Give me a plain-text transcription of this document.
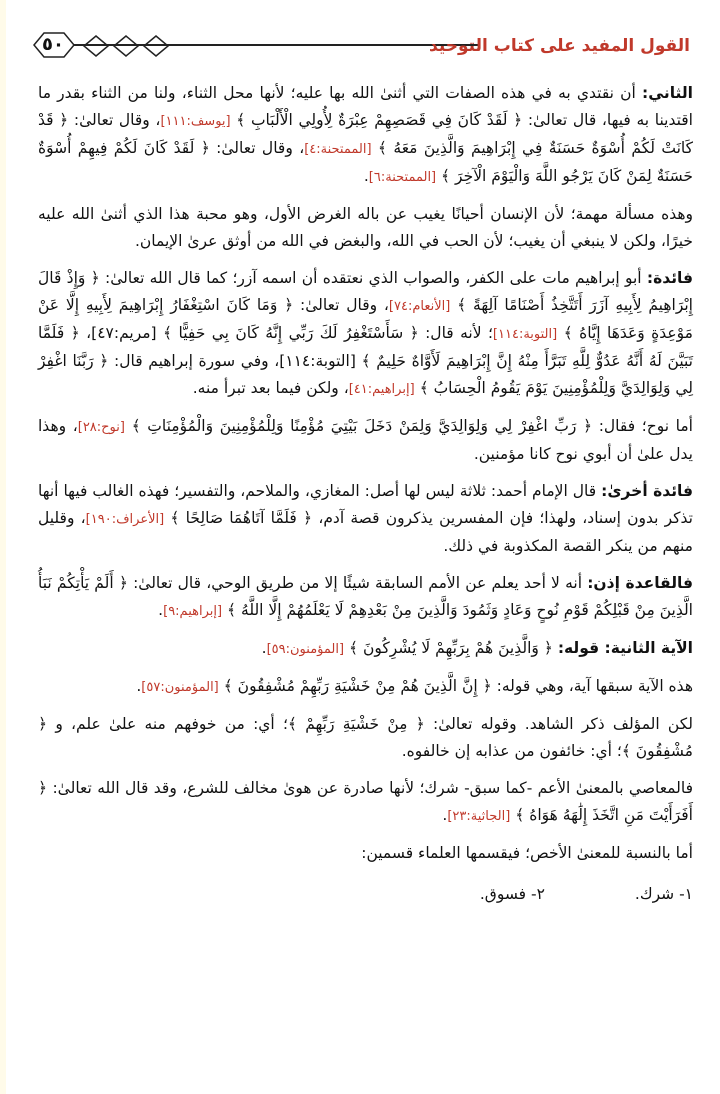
٥٠	القول المفيد على كتاب التوحيد

الثاني: أن نقتدي به في هذه الصفات التي أثنىٰ الله بها عليه؛ لأنها محل الثناء، ولنا من الثناء بقدر ما اقتدينا به فيها، قال تعالىٰ: ﴿ لَقَدْ كَانَ فِي قَصَصِهِمْ عِبْرَةٌ لِأُولِي الْأَلْبَابِ ﴾ [يوسف:١١١]، وقال تعالىٰ: ﴿ قَدْ كَانَتْ لَكُمْ أُسْوَةٌ حَسَنَةٌ فِي إِبْرَاهِيمَ وَالَّذِينَ مَعَهُ ﴾ [الممتحنة:٤]، وقال تعالىٰ: ﴿ لَقَدْ كَانَ لَكُمْ فِيهِمْ أُسْوَةٌ حَسَنَةٌ لِمَنْ كَانَ يَرْجُو اللَّهَ وَالْيَوْمَ الْآخِرَ ﴾ [الممتحنة:٦].

وهذه مسألة مهمة؛ لأن الإنسان أحيانًا يغيب عن باله الغرض الأول، وهو محبة هذا الذي أثنىٰ الله عليه خيرًا، ولكن لا ينبغي أن يغيب؛ لأن الحب في الله، والبغض في الله من أوثق عرىٰ الإيمان.

فائدة: أبو إبراهيم مات على الكفر، والصواب الذي نعتقده أن اسمه آزر؛ كما قال الله تعالىٰ: ﴿ وَإِذْ قَالَ إِبْرَاهِيمُ لِأَبِيهِ آزَرَ أَتَتَّخِذُ أَصْنَامًا آلِهَةً ﴾ [الأنعام:٧٤]، وقال تعالىٰ: ﴿ وَمَا كَانَ اسْتِغْفَارُ إِبْرَاهِيمَ لِأَبِيهِ إِلَّا عَنْ مَوْعِدَةٍ وَعَدَهَا إِيَّاهُ ﴾ [التوبة:١١٤]؛ لأنه قال: ﴿ سَأَسْتَغْفِرُ لَكَ رَبِّي إِنَّهُ كَانَ بِي حَفِيًّا ﴾ [مريم:٤٧]، ﴿ فَلَمَّا تَبَيَّنَ لَهُ أَنَّهُ عَدُوٌّ لِلَّهِ تَبَرَّأَ مِنْهُ إِنَّ إِبْرَاهِيمَ لَأَوَّاهٌ حَلِيمٌ ﴾ [التوبة:١١٤]، وفي سورة إبراهيم قال: ﴿ رَبَّنَا اغْفِرْ لِي وَلِوَالِدَيَّ وَلِلْمُؤْمِنِينَ يَوْمَ يَقُومُ الْحِسَابُ ﴾ [إبراهيم:٤١]، ولكن فيما بعد تبرأ منه.

أما نوح؛ فقال: ﴿ رَبِّ اغْفِرْ لِي وَلِوَالِدَيَّ وَلِمَنْ دَخَلَ بَيْتِيَ مُؤْمِنًا وَلِلْمُؤْمِنِينَ وَالْمُؤْمِنَاتِ ﴾ [نوح:٢٨]، وهذا يدل علىٰ أن أبوي نوح كانا مؤمنين.

فائدة أخرىٰ: قال الإمام أحمد: ثلاثة ليس لها أصل: المغازي، والملاحم، والتفسير؛ فهذه الغالب فيها أنها تذكر بدون إسناد، ولهذا؛ فإن المفسرين يذكرون قصة آدم، ﴿ فَلَمَّا آتَاهُمَا صَالِحًا ﴾ [الأعراف:١٩٠]، وقليل منهم من ينكر القصة المكذوبة في ذلك.

فالقاعدة إذن: أنه لا أحد يعلم عن الأمم السابقة شيئًا إلا من طريق الوحي، قال تعالىٰ: ﴿ أَلَمْ يَأْتِكُمْ نَبَأُ الَّذِينَ مِنْ قَبْلِكُمْ قَوْمِ نُوحٍ وَعَادٍ وَثَمُودَ وَالَّذِينَ مِنْ بَعْدِهِمْ لَا يَعْلَمُهُمْ إِلَّا اللَّهُ ﴾ [إبراهيم:٩].

الآية الثانية: قوله: ﴿ وَالَّذِينَ هُمْ بِرَبِّهِمْ لَا يُشْرِكُونَ ﴾ [المؤمنون:٥٩].

هذه الآية سبقها آية، وهي قوله: ﴿ إِنَّ الَّذِينَ هُمْ مِنْ خَشْيَةِ رَبِّهِمْ مُشْفِقُونَ ﴾ [المؤمنون:٥٧].

لكن المؤلف ذكر الشاهد. وقوله تعالىٰ: ﴿ مِنْ خَشْيَةِ رَبِّهِمْ ﴾؛ أي: من خوفهم منه علىٰ علم، و ﴿ مُشْفِقُونَ ﴾؛ أي: خائفون من عذابه إن خالفوه.

فالمعاصي بالمعنىٰ الأعم -كما سبق- شرك؛ لأنها صادرة عن هوىٰ مخالف للشرع، وقد قال الله تعالىٰ: ﴿ أَفَرَأَيْتَ مَنِ اتَّخَذَ إِلَٰهَهُ هَوَاهُ ﴾ [الجاثية:٢٣].

أما بالنسبة للمعنىٰ الأخص؛ فيقسمها العلماء قسمين:

١- شرك.٢- فسوق.
